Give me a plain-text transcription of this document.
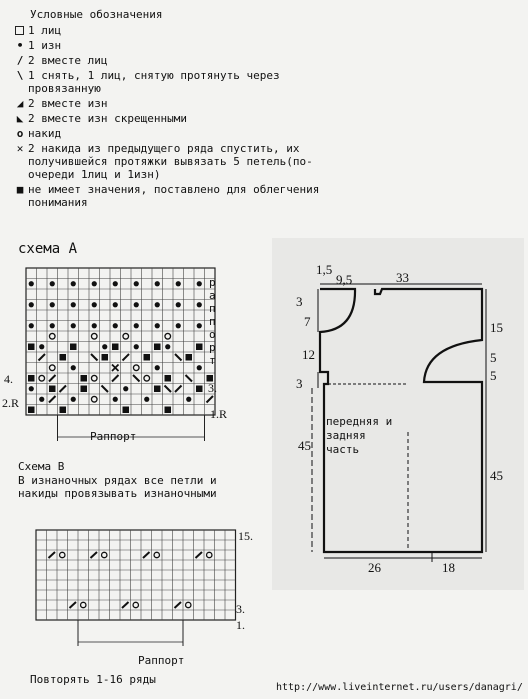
Условные обозначения
1 лиц
• 1 изн
/ 2 вместе лиц
\ 1 снять, 1 лиц, снятую протянуть через
провязанную
◢ 2 вместе изн
◣ 2 вместе изн скрещенными
o накид
✕ 2 накида из предыдущего ряда спустить, их
получившейся протяжки вывязать 5 петель(по-
очереди 1лиц и 1изн)
■ не имеет значения, поставлено для облегчения
понимания
схема А
р
а
п
п
о
р
т
4.
2.R
3.
1.R
Раппорт
Схема В
В изнаночных рядах все петли и
накиды провязывать изнаночными
15.
3.
1.
Раппорт
Повторять 1-16 ряды
1,5
9,5	33
3
7
12
3
15
5
5
45
45
26	18
передняя и
задняя
часть
http://www.liveinternet.ru/users/danagri/
